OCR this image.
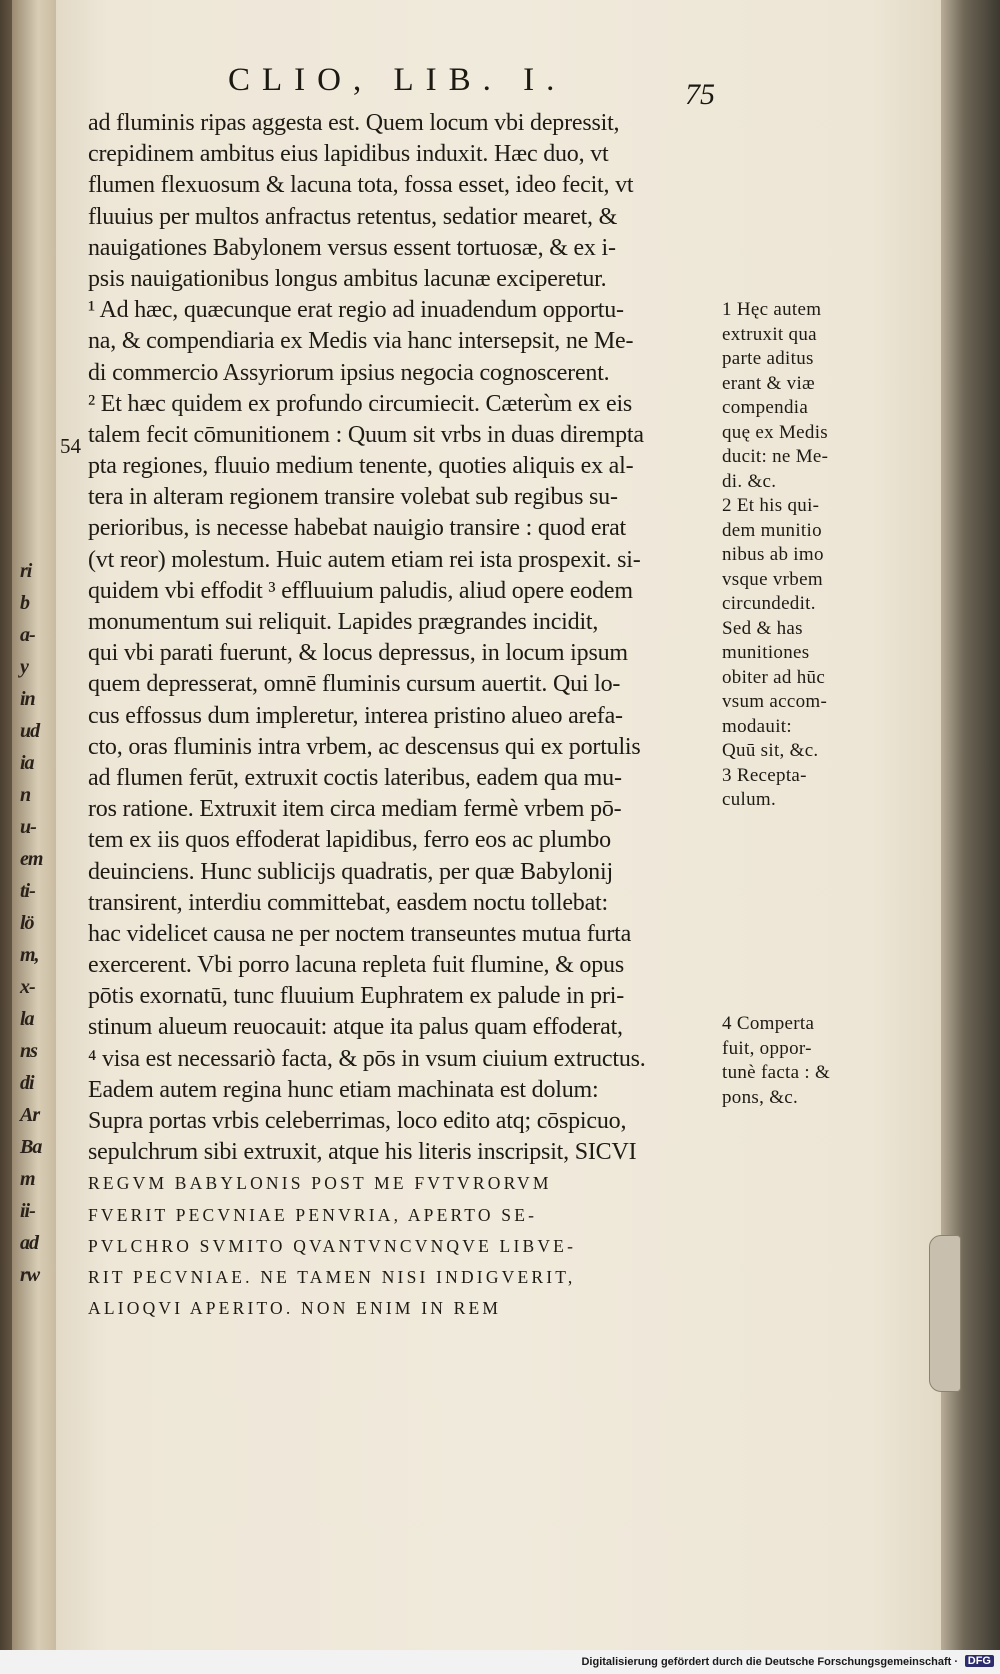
ri
b
a-
y
in
ud
ia
n
u-
em
ti-
lö
m,
x-
la
ns
di
Ar
Ba
m
ii-
ad
rw
CLIO, LIB. I.	75
54
ad fluminis ripas aggesta est. Quem locum vbi depressit,
crepidinem ambitus eius lapidibus induxit. Hæc duo, vt
flumen flexuosum & lacuna tota, fossa esset, ideo fecit, vt
fluuius per multos anfractus retentus, sedatior mearet, &
nauigationes Babylonem versus essent tortuosæ, & ex i-
psis nauigationibus longus ambitus lacunæ exciperetur.
¹ Ad hæc, quæcunque erat regio ad inuadendum opportu-
na, & compendiaria ex Medis via hanc intersepsit, ne Me-
di commercio Assyriorum ipsius negocia cognoscerent.
² Et hæc quidem ex profundo circumiecit. Cæterùm ex eis
talem fecit cōmunitionem : Quum sit vrbs in duas dirempta
pta regiones, fluuio medium tenente, quoties aliquis ex al-
tera in alteram regionem transire volebat sub regibus su-
perioribus, is necesse habebat nauigio transire : quod erat
(vt reor) molestum. Huic autem etiam rei ista prospexit. si-
quidem vbi effodit ³ effluuium paludis, aliud opere eodem
monumentum sui reliquit. Lapides prægrandes incidit,
qui vbi parati fuerunt, & locus depressus, in locum ipsum
quem depresserat, omnē fluminis cursum auertit. Qui lo-
cus effossus dum impleretur, interea pristino alueo arefa-
cto, oras fluminis intra vrbem, ac descensus qui ex portulis
ad flumen ferūt, extruxit coctis lateribus, eadem qua mu-
ros ratione. Extruxit item circa mediam fermè vrbem pō-
tem ex iis quos effoderat lapidibus, ferro eos ac plumbo
deuinciens. Hunc sublicijs quadratis, per quæ Babylonij
transirent, interdiu committebat, easdem noctu tollebat:
hac videlicet causa ne per noctem transeuntes mutua furta
exercerent. Vbi porro lacuna repleta fuit flumine, & opus
pōtis exornatū, tunc fluuium Euphratem ex palude in pri-
stinum alueum reuocauit: atque ita palus quam effoderat,
⁴ visa est necessariò facta, & pōs in vsum ciuium extructus.
Eadem autem regina hunc etiam machinata est dolum:
Supra portas vrbis celeberrimas, loco edito atq; cōspicuo,
sepulchrum sibi extruxit, atque his literis inscripsit, SICVI
REGVM BABYLONIS POST ME FVTVRORVM
FVERIT PECVNIAE PENVRIA, APERTO SE-
PVLCHRO SVMITO QVANTVNCVNQVE LIBVE-
RIT PECVNIAE. NE TAMEN NISI INDIGVERIT,
ALIOQVI APERITO. NON ENIM IN REM
1 Hęc autem
extruxit qua
parte aditus
erant & viæ
compendia
quę ex Medis
ducit: ne Me-
di. &c.
2 Et his qui-
dem munitio
nibus ab imo
vsque vrbem
circundedit.
Sed & has
munitiones
obiter ad hūc
vsum accom-
modauit:
Quū sit, &c.
3 Recepta-
culum.
4 Comperta
fuit, oppor-
tunè facta : &
pons, &c.
Digitalisierung gefördert durch die Deutsche Forschungsgemeinschaft · DFG
